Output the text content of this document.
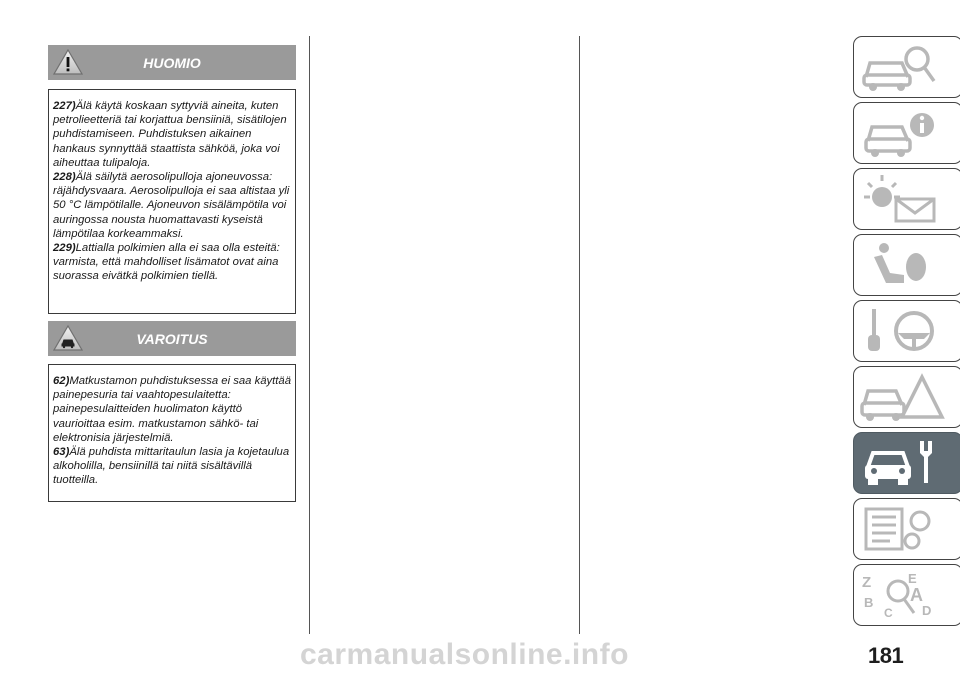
HUOMIO

227)Älä käytä koskaan syttyviä aineita, kuten petrolieetteriä tai korjattua bensiiniä, sisätilojen puhdistamiseen. Puhdistuksen aikainen hankaus synnyttää staattista sähköä, joka voi aiheuttaa tulipaloja.

228)Älä säilytä aerosolipulloja ajoneuvossa: räjähdysvaara. Aerosolipulloja ei saa altistaa yli 50 °C lämpötilalle. Ajoneuvon sisälämpötila voi auringossa nousta huomattavasti kyseistä lämpötilaa korkeammaksi.

229)Lattialla polkimien alla ei saa olla esteitä: varmista, että mahdolliset lisämatot ovat aina suorassa eivätkä polkimien tiellä.

VAROITUS

62)Matkustamon puhdistuksessa ei saa käyttää painepesuria tai vaahtopesulaitetta: painepesulaitteiden huolimaton käyttö vaurioittaa esim. matkustamon sähkö- tai elektronisia järjestelmiä.

63)Älä puhdista mittaritaulun lasia ja kojetaulua alkoholilla, bensiinillä tai niitä sisältävillä tuotteilla.

Z	E
A
B
C D
181
carmanualsonline.info
